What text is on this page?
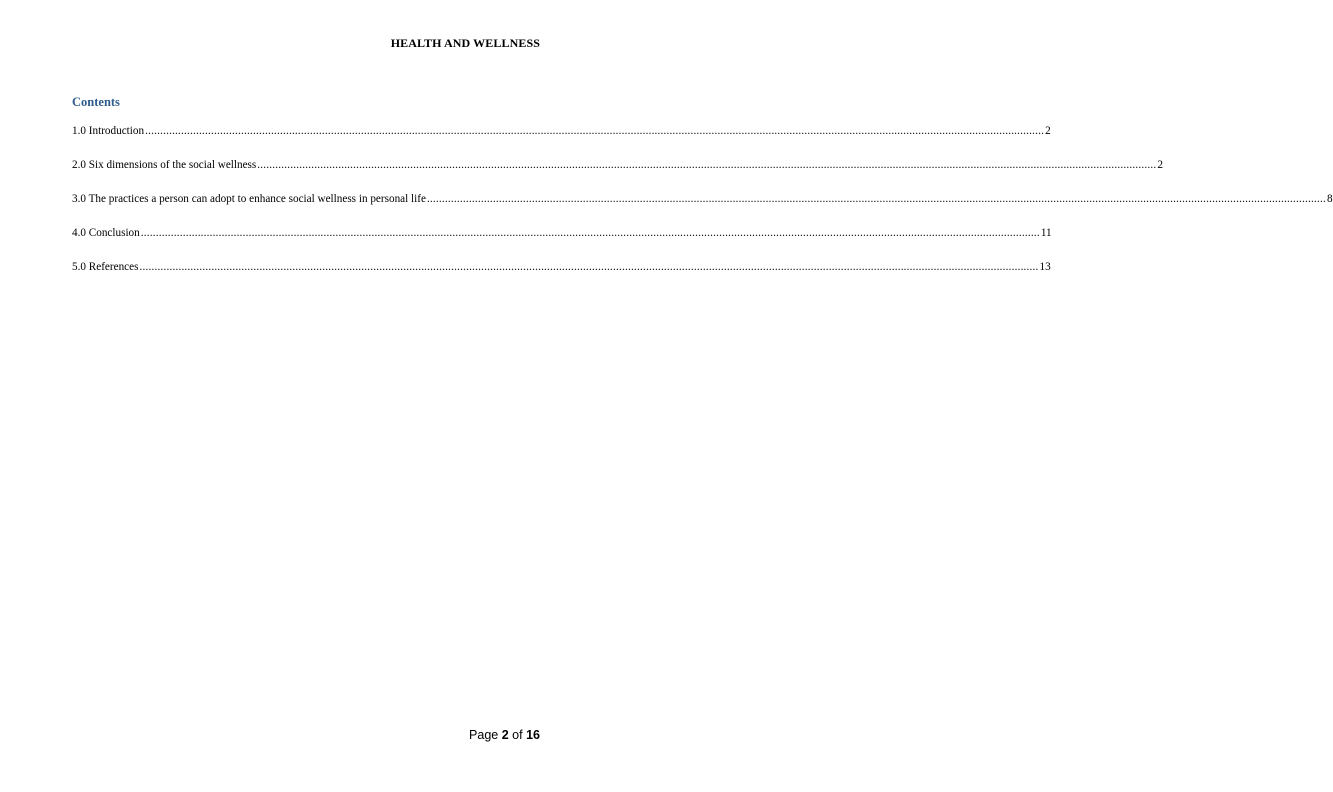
HEALTH AND WELLNESS
Contents
1.0 Introduction ............................................................................................................................................................................................................................................................................................................ 2
2.0 Six dimensions of the social wellness ............................................................................................................................................................................................................................................................................................................ 2
3.0 The practices a person can adopt to enhance social wellness in personal life ............................................................................................................................................................................................................................................................................................................ 8
4.0 Conclusion ............................................................................................................................................................................................................................................................................................................ 11
5.0 References ............................................................................................................................................................................................................................................................................................................ 13
Page 2 of 16
